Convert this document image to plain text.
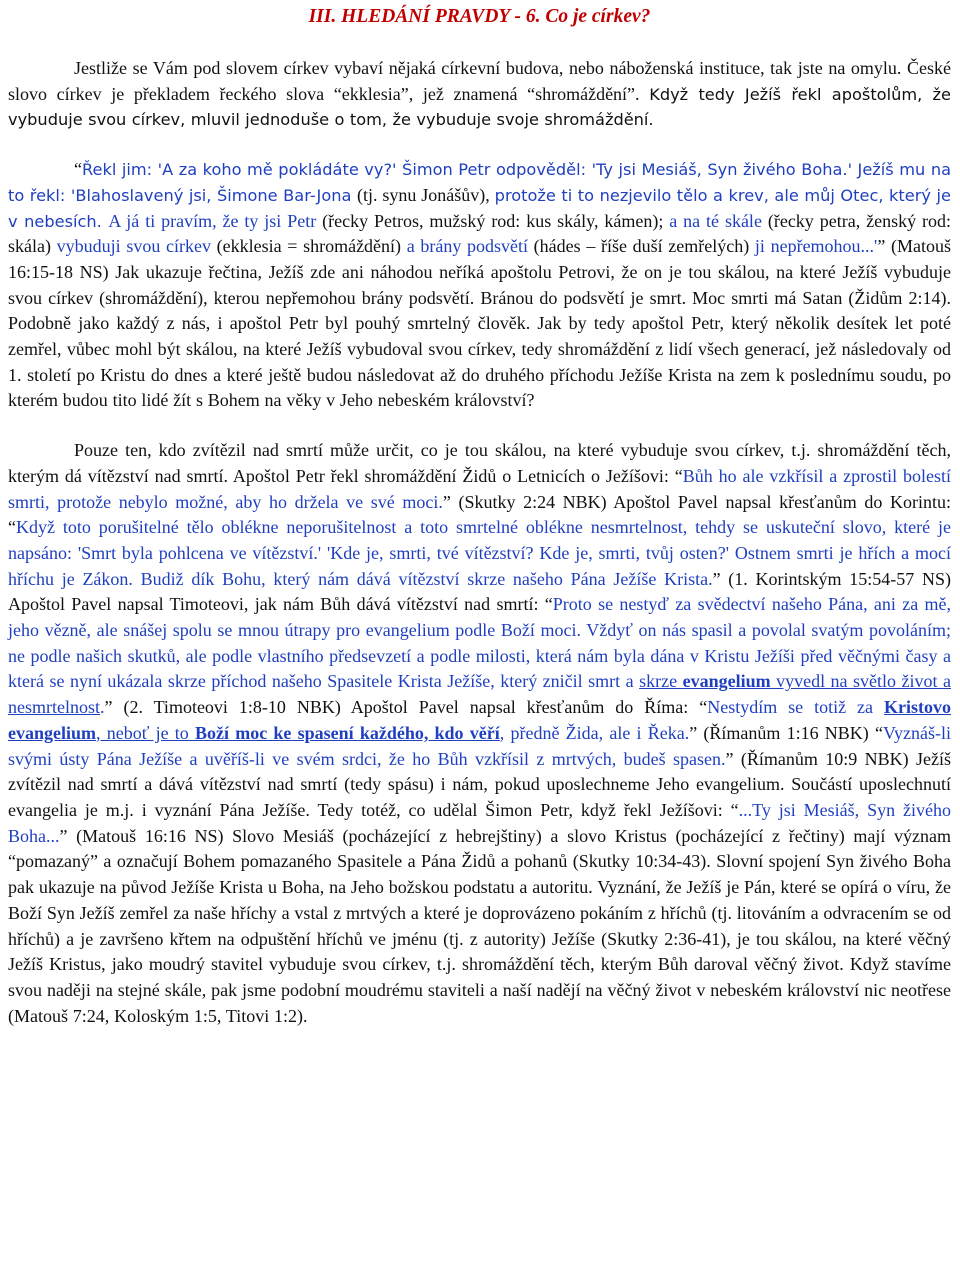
III. HLEDÁNÍ PRAVDY - 6. Co je církev?

Jestliže se Vám pod slovem církev vybaví nějaká církevní budova, nebo náboženská instituce, tak jste na omylu. České slovo církev je překladem řeckého slova “ekklesia”, jež znamená “shromáždění”. Když tedy Ježíš řekl apoštolům, že vybuduje svou církev, mluvil jednoduše o tom, že vybuduje svoje shromáždění.

“Řekl jim: 'A za koho mě pokládáte vy?' Šimon Petr odpověděl: 'Ty jsi Mesiáš, Syn živého Boha.' Ježíš mu na to řekl: 'Blahoslavený jsi, Šimone Bar-Jona (tj. synu Jonášův), protože ti to nezjevilo tělo a krev, ale můj Otec, který je v nebesích. A já ti pravím, že ty jsi Petr (řecky Petros, mužský rod: kus skály, kámen); a na té skále (řecky petra, ženský rod: skála) vybuduji svou církev (ekklesia = shromáždění) a brány podsvětí (hádes – říše duší zemřelých) ji nepřemohou...'” (Matouš 16:15-18 NS) Jak ukazuje řečtina, Ježíš zde ani náhodou neříká apoštolu Petrovi, že on je tou skálou, na které Ježíš vybuduje svou církev (shromáždění), kterou nepřemohou brány podsvětí. Bránou do podsvětí je smrt. Moc smrti má Satan (Židům 2:14). Podobně jako každý z nás, i apoštol Petr byl pouhý smrtelný člověk. Jak by tedy apoštol Petr, který několik desítek let poté zemřel, vůbec mohl být skálou, na které Ježíš vybudoval svou církev, tedy shromáždění z lidí všech generací, jež následovaly od 1. století po Kristu do dnes a které ještě budou následovat až do druhého příchodu Ježíše Krista na zem k poslednímu soudu, po kterém budou tito lidé žít s Bohem na věky v Jeho nebeském království?

Pouze ten, kdo zvítězil nad smrtí může určit, co je tou skálou, na které vybuduje svou církev, t.j. shromáždění těch, kterým dá vítězství nad smrtí. Apoštol Petr řekl shromáždění Židů o Letnicích o Ježíšovi: “Bůh ho ale vzkřísil a zprostil bolestí smrti, protože nebylo možné, aby ho držela ve své moci.” (Skutky 2:24 NBK) Apoštol Pavel napsal křesťanům do Korintu: “Když toto porušitelné tělo oblékne neporušitelnost a toto smrtelné oblékne nesmrtelnost, tehdy se uskuteční slovo, které je napsáno: 'Smrt byla pohlcena ve vítězství.' 'Kde je, smrti, tvé vítězství? Kde je, smrti, tvůj osten?' Ostnem smrti je hřích a mocí hříchu je Zákon. Budiž dík Bohu, který nám dává vítězství skrze našeho Pána Ježíše Krista.” (1. Korintským 15:54-57 NS) Apoštol Pavel napsal Timoteovi, jak nám Bůh dává vítězství nad smrtí: “Proto se nestyď za svědectví našeho Pána, ani za mě, jeho vězně, ale snášej spolu se mnou útrapy pro evangelium podle Boží moci. Vždyť on nás spasil a povolal svatým povoláním; ne podle našich skutků, ale podle vlastního předsevzetí a podle milosti, která nám byla dána v Kristu Ježíši před věčnými časy a která se nyní ukázala skrze příchod našeho Spasitele Krista Ježíše, který zničil smrt a skrze evangelium vyvedl na světlo život a nesmrtelnost.” (2. Timoteovi 1:8-10 NBK) Apoštol Pavel napsal křesťanům do Říma: “Nestydím se totiž za Kristovo evangelium, neboť je to Boží moc ke spasení každého, kdo věří, předně Žida, ale i Řeka.” (Římanům 1:16 NBK) “Vyznáš-li svými ústy Pána Ježíše a uvěříš-li ve svém srdci, že ho Bůh vzkřísil z mrtvých, budeš spasen.” (Římanům 10:9 NBK) Ježíš zvítězil nad smrtí a dává vítězství nad smrtí (tedy spásu) i nám, pokud uposlechneme Jeho evangelium. Součástí uposlechnutí evangelia je m.j. i vyznání Pána Ježíše. Tedy totéž, co udělal Šimon Petr, když řekl Ježíšovi: “...Ty jsi Mesiáš, Syn živého Boha...” (Matouš 16:16 NS) Slovo Mesiáš (pocházející z hebrejštiny) a slovo Kristus (pocházející z řečtiny) mají význam “pomazaný” a označují Bohem pomazaného Spasitele a Pána Židů a pohanů (Skutky 10:34-43). Slovní spojení Syn živého Boha pak ukazuje na původ Ježíše Krista u Boha, na Jeho božskou podstatu a autoritu. Vyznání, že Ježíš je Pán, které se opírá o víru, že Boží Syn Ježíš zemřel za naše hříchy a vstal z mrtvých a které je doprovázeno pokáním z hříchů (tj. litováním a odvracením se od hříchů) a je završeno křtem na odpuštění hříchů ve jménu (tj. z autority) Ježíše (Skutky 2:36-41), je tou skálou, na které věčný Ježíš Kristus, jako moudrý stavitel vybuduje svou církev, t.j. shromáždění těch, kterým Bůh daroval věčný život. Když stavíme svou naději na stejné skále, pak jsme podobní moudrému staviteli a naší nadějí na věčný život v nebeském království nic neotřese (Matouš 7:24, Koloským 1:5, Titovi 1:2).
